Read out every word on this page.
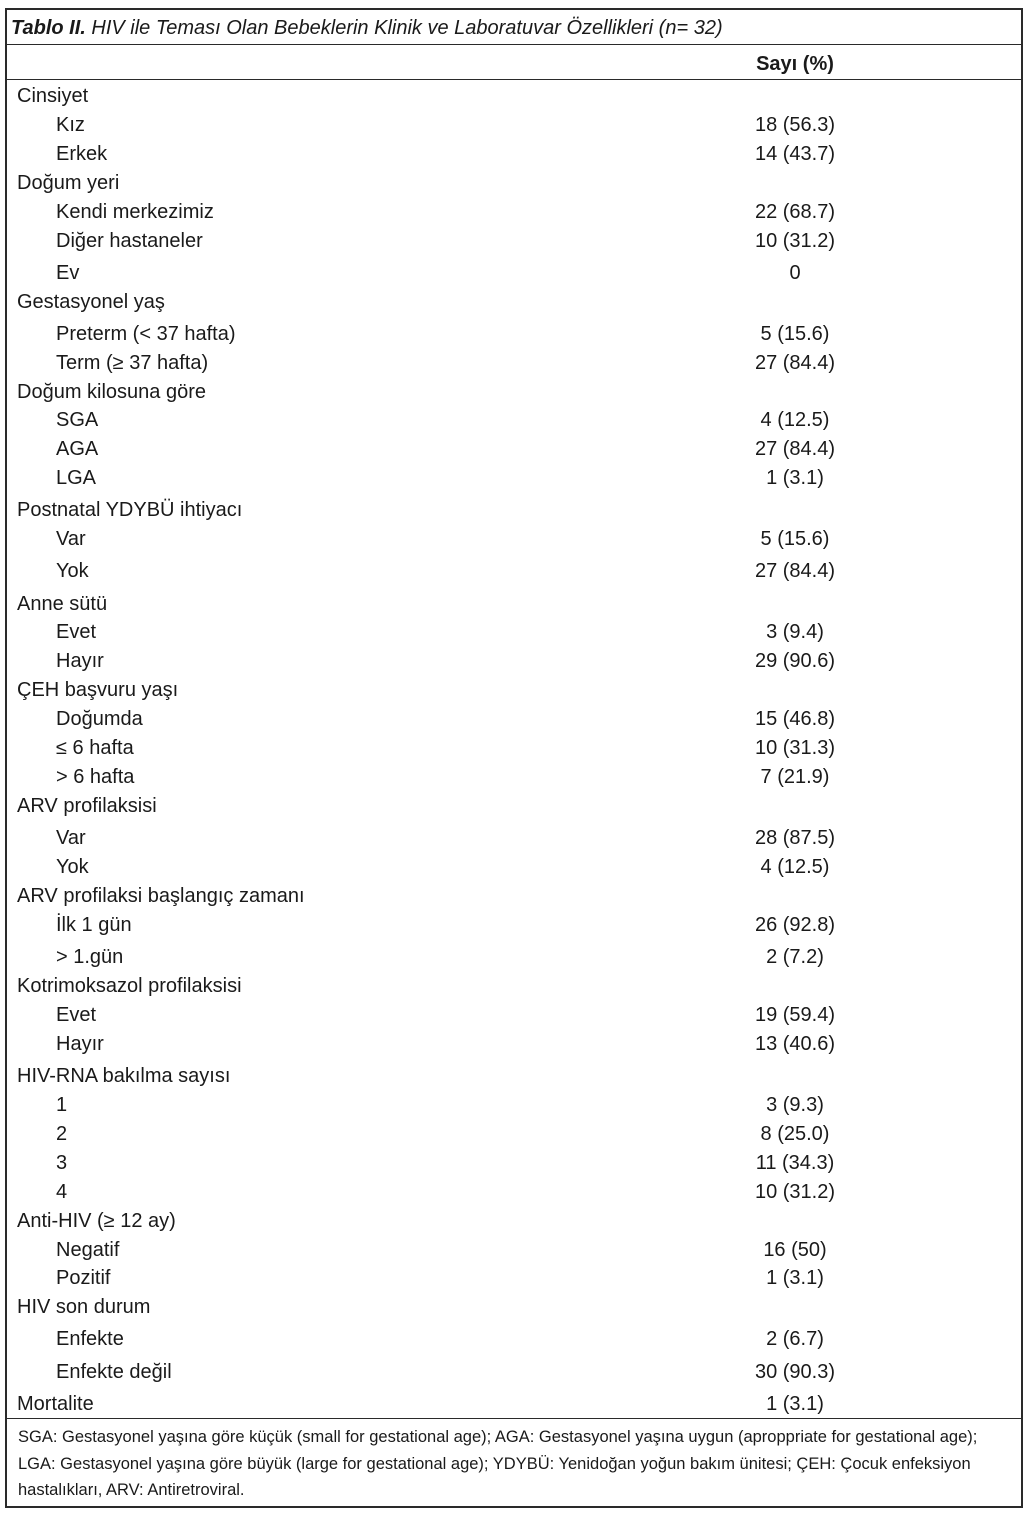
Tablo II. HIV ile Teması Olan Bebeklerin Klinik ve Laboratuvar Özellikleri (n= 32)
Sayı (%)
Cinsiyet
Kız	18 (56.3)
Erkek	14 (43.7)
Doğum yeri
Kendi merkezimiz	22 (68.7)
Diğer hastaneler	10 (31.2)
Ev	0
Gestasyonel yaş
Preterm (< 37 hafta)	5 (15.6)
Term (≥ 37 hafta)	27 (84.4)
Doğum kilosuna göre
SGA	4 (12.5)
AGA	27 (84.4)
LGA	1 (3.1)
Postnatal YDYBÜ ihtiyacı
Var	5 (15.6)
Yok	27 (84.4)
Anne sütü
Evet	3 (9.4)
Hayır	29 (90.6)
ÇEH başvuru yaşı
Doğumda	15 (46.8)
≤ 6 hafta	10 (31.3)
> 6 hafta	7 (21.9)
ARV profilaksisi
Var	28 (87.5)
Yok	4 (12.5)
ARV profilaksi başlangıç zamanı
İlk 1 gün	26 (92.8)
> 1.gün	2 (7.2)
Kotrimoksazol profilaksisi
Evet	19 (59.4)
Hayır	13 (40.6)
HIV-RNA bakılma sayısı
1	3 (9.3)
2	8 (25.0)
3	11 (34.3)
4	10 (31.2)
Anti-HIV (≥ 12 ay)
Negatif	16 (50)
Pozitif	1 (3.1)
HIV son durum
Enfekte	2 (6.7)
Enfekte değil	30 (90.3)
Mortalite	1 (3.1)
SGA: Gestasyonel yaşına göre küçük (small for gestational age); AGA: Gestasyonel yaşına uygun (aproppriate for gestational age); LGA: Gestasyonel yaşına göre büyük (large for gestational age); YDYBÜ: Yenidoğan yoğun bakım ünitesi; ÇEH: Çocuk enfeksiyon hastalıkları, ARV: Antiretroviral.
